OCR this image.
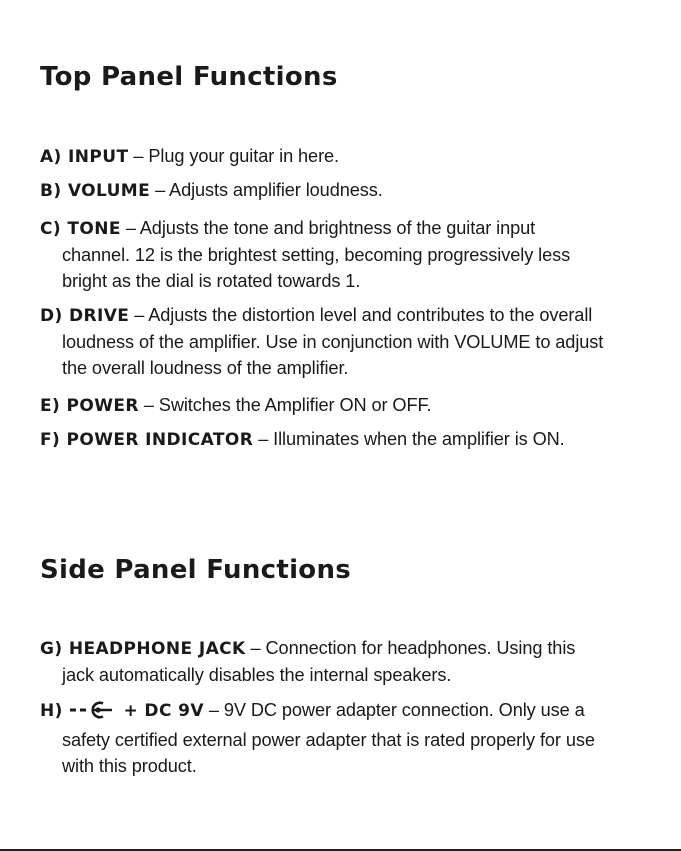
Top Panel Functions

A) INPUT – Plug your guitar in here.

B) VOLUME – Adjusts amplifier loudness.

C) TONE – Adjusts the tone and brightness of the guitar input
channel. 12 is the brightest setting, becoming progressively less
bright as the dial is rotated towards 1.

D) DRIVE – Adjusts the distortion level and contributes to the overall
loudness of the amplifier. Use in conjunction with VOLUME to adjust
the overall loudness of the amplifier.

E) POWER – Switches the Amplifier ON or OFF.

F) POWER INDICATOR – Illuminates when the amplifier is ON.

Side Panel Functions

G) HEADPHONE JACK – Connection for headphones. Using this
jack automatically disables the internal speakers.

H)	+ DC 9V – 9V DC power adapter connection. Only use a
safety certified external power adapter that is rated properly for use
with this product.
